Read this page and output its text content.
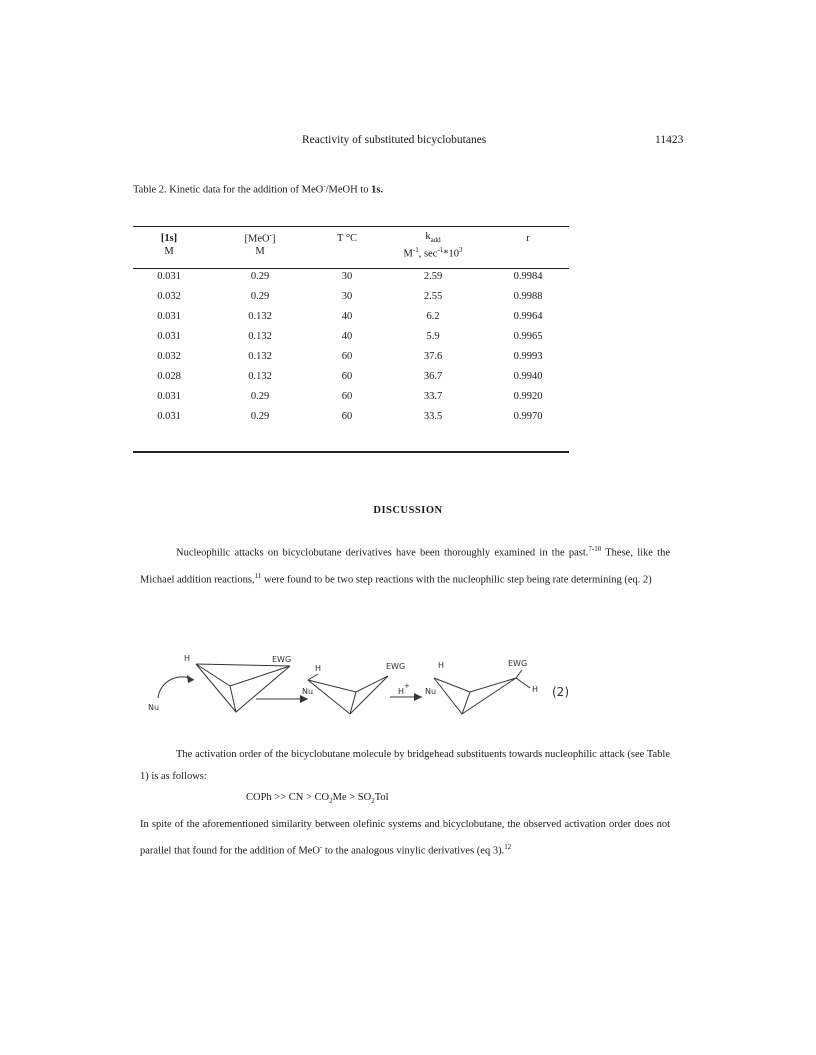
Reactivity of substituted bicyclobutanes	11423
Table 2. Kinetic data for the addition of MeO-/MeOH to 1s.
[1s]	[MeO-]	T °C	$k_{add}$	r
M	M		$M^{-1}$, $\sec^{-1}*10^3$	

0.031	0.29	30	2.59	0.9984
0.032	0.29	30	2.55	0.9988
0.031	0.132	40	6.2	0.9964
0.031	0.132	40	5.9	0.9965
0.032	0.132	60	37.6	0.9993
0.028	0.132	60	36.7	0.9940
0.031	0.29	60	33.7	0.9920
0.031	0.29	60	33.5	0.9970
DISCUSSION
Nucleophilic attacks on bicyclobutane derivatives have been thoroughly examined in the past.$^{7-10}$ These, like the Michael addition reactions,$^{11}$ were found to be two step reactions with the nucleophilic step being rate determining (eq. 2)
H	EWG
Nu
H	EWG
Nu	H
+
H	EWG
Nu	H (2)
The activation order of the bicyclobutane molecule by bridgehead substituents towards nucleophilic attack (see Table 1) is as follows:
COPh >> CN > $CO_2Me > SO_2Tol$
In spite of the aforementioned similarity between olefinic systems and bicyclobutane, the observed activation order does not parallel that found for the addition of MeO- to the analogous vinylic derivatives (eq 3).$^{12}$
